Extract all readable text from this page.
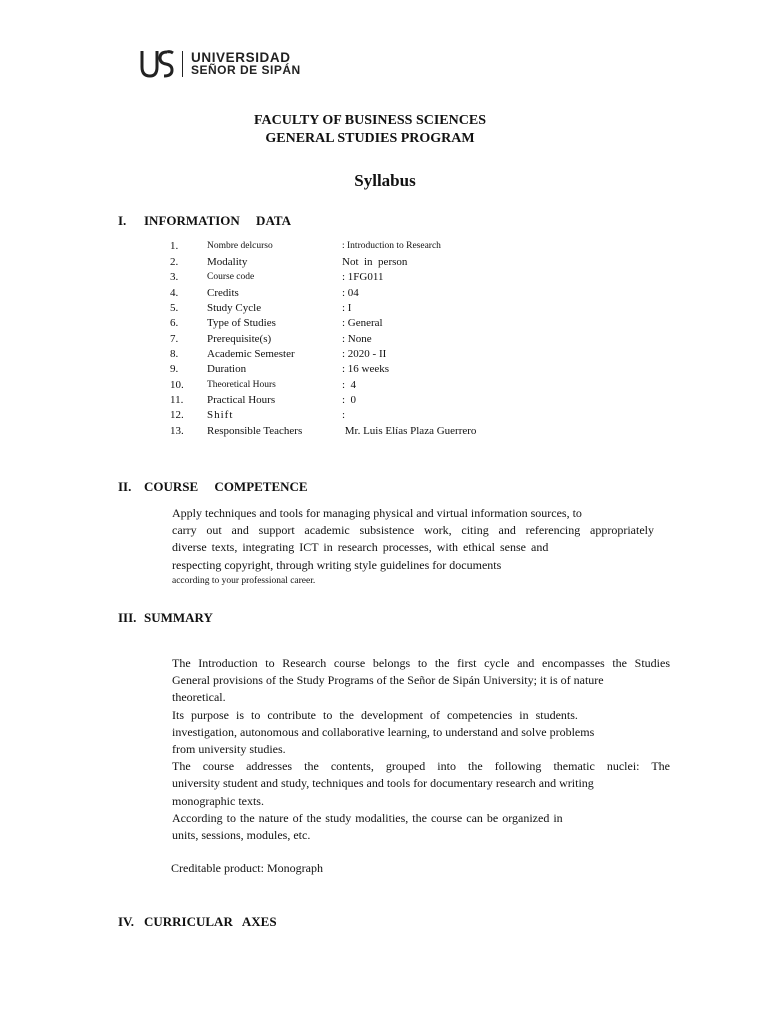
UNIVERSIDAD
SEÑOR DE SIPÁN
FACULTY OF BUSINESS SCIENCES
GENERAL STUDIES PROGRAM
Syllabus
I. INFORMATION     DATA
1.	Nombre delcurso	: Introduction to Research
2.	Modality	Not  in  person
3.	Course code	: 1FG011
4.	Credits	: 04
5.	Study Cycle	: I
6.	Type of Studies	: General
7.	Prerequisite(s)	: None
8.	Academic Semester	: 2020 - II
9.	Duration	: 16 weeks
10. Theoretical Hours	:  4
11. Practical Hours	:  0
12. Shift	:
13. Responsible Teachers	Mr. Luis Elías Plaza Guerrero
II. COURSE     COMPETENCE
Apply techniques and tools for managing physical and virtual information sources, to
carry out and support academic subsistence work, citing and referencing appropriately
diverse texts, integrating ICT in research processes, with ethical sense and
respecting copyright, through writing style guidelines for documents
according to your professional career.
III. SUMMARY
The Introduction to Research course belongs to the first cycle and encompasses the Studies
General provisions of the Study Programs of the Señor de Sipán University; it is of nature
theoretical.
Its purpose is to contribute to the development of competencies in students.
investigation, autonomous and collaborative learning, to understand and solve problems
from university studies.
The course addresses the contents, grouped into the following thematic nuclei: The
university student and study, techniques and tools for documentary research and writing
monographic texts.
According to the nature of the study modalities, the course can be organized in
units, sessions, modules, etc.
Creditable product: Monograph
IV. CURRICULAR   AXES
